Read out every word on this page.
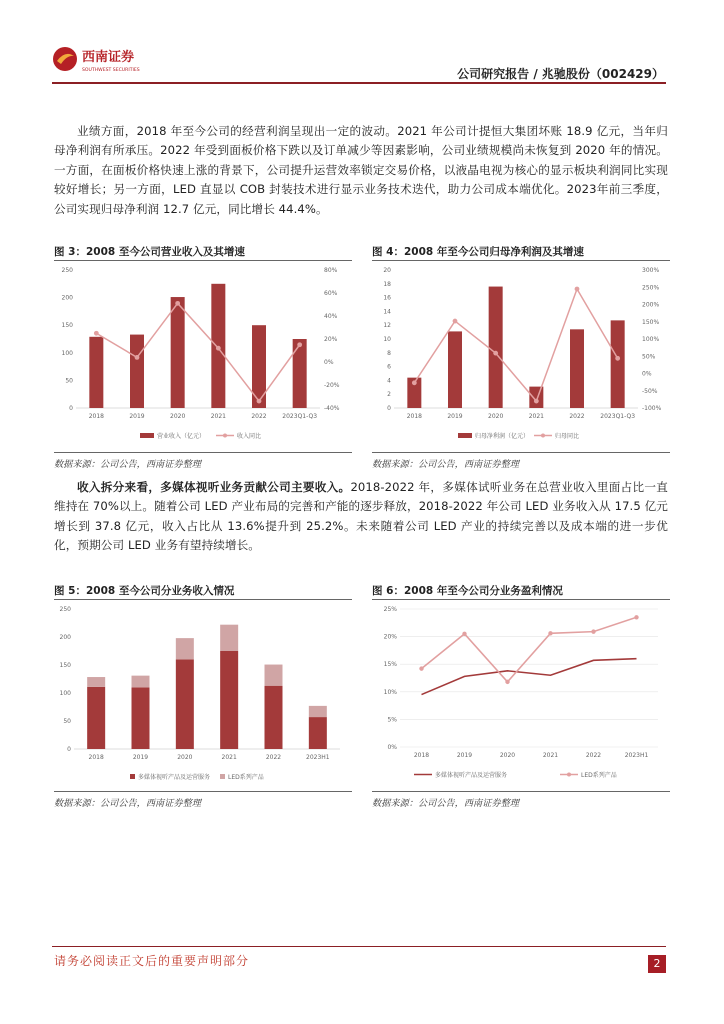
西南证券
SOUTHWEST SECURITIES	公司研究报告 / 兆驰股份（002429）
业绩方面，2018 年至今公司的经营利润呈现出一定的波动。2021 年公司计提恒大集团坏账 18.9 亿元，当年归母净利润有所承压。2022 年受到面板价格下跌以及订单减少等因素影响，公司业绩规模尚未恢复到 2020 年的情况。一方面，在面板价格快速上涨的背景下，公司提升运营效率锁定交易价格，以液晶电视为核心的显示板块利润同比实现较好增长；另一方面，LED 直显以 COB 封装技术进行显示业务技术迭代，助力公司成本端优化。2023年前三季度，公司实现归母净利润 12.7 亿元，同比增长 44.4%。
图 3：2008 至今公司营业收入及其增速	图 4：2008 年至今公司归母净利润及其增速
0
50
100
150
200
250
-40%
-20%
0%
20%
40%
60%
80%
2018	2019	2020	2021	2022	2023Q1-Q3
营业收入（亿元）	收入同比
0
2
4
6
8
10
12
14
16
18
20
-100%
-50%
0%
50%
100%
150%
200%
250%
300%
2018	2019	2020	2021	2022	2023Q1-Q3
归母净利润（亿元）	归母同比
数据来源：公司公告，西南证券整理	数据来源：公司公告，西南证券整理
收入拆分来看，多媒体视听业务贡献公司主要收入。2018-2022 年，多媒体试听业务在总营业收入里面占比一直维持在 70%以上。随着公司 LED 产业布局的完善和产能的逐步释放，2018-2022 年公司 LED 业务收入从 17.5 亿元增长到 37.8 亿元，收入占比从 13.6%提升到 25.2%。未来随着公司 LED 产业的持续完善以及成本端的进一步优化，预期公司 LED 业务有望持续增长。
图 5：2008 至今公司分业务收入情况	图 6：2008 年至今公司分业务盈利情况
0
50
100
150
200
250
2018	2019	2020	2021	2022	2023H1
多媒体视听产品及运营服务	LED系列产品
0%
5%
10%
15%
20%
25%
2018	2019	2020	2021	2022	2023H1
多媒体视听产品及运营服务	LED系列产品
数据来源：公司公告，西南证券整理	数据来源：公司公告，西南证券整理
请务必阅读正文后的重要声明部分	2
